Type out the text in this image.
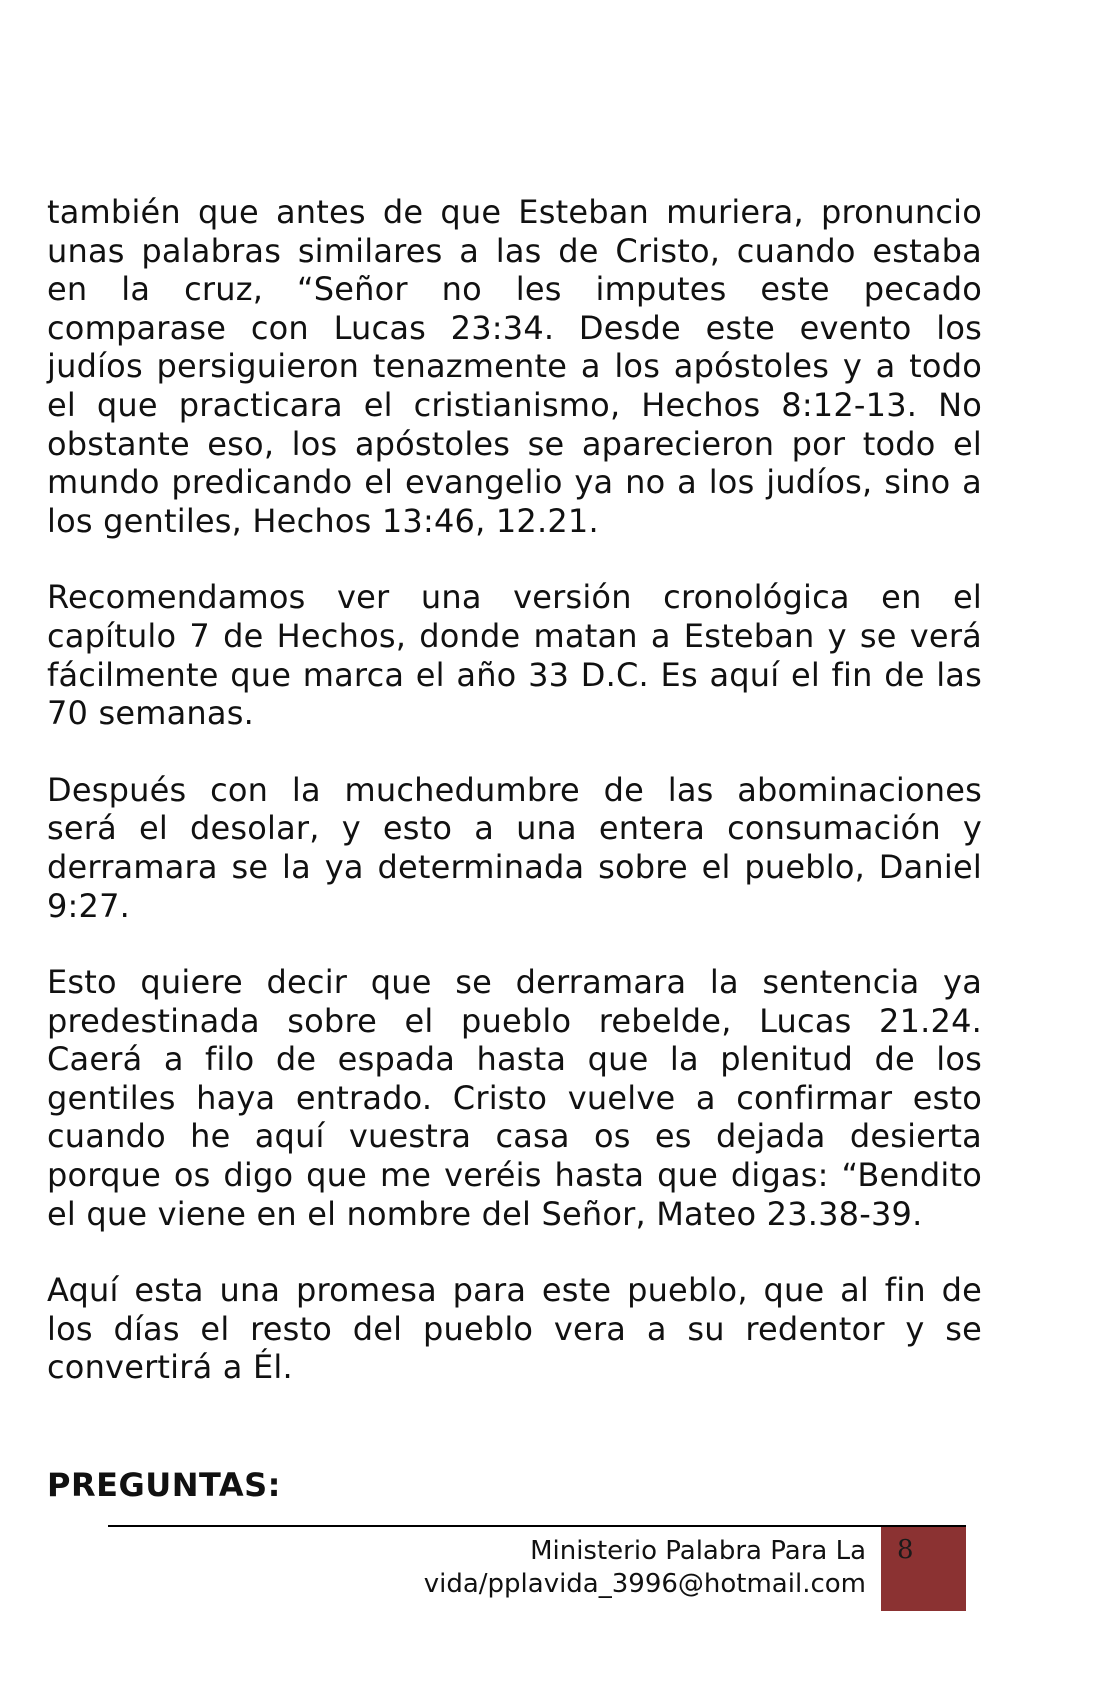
también que antes de que Esteban muriera, pronuncio unas palabras similares a las de Cristo, cuando estaba en la cruz, “Señor no les imputes este pecado comparase con Lucas 23:34. Desde este evento los judíos persiguieron tenazmente a los apóstoles y a todo el que practicara el cristianismo, Hechos 8:12-13. No obstante eso, los apóstoles se aparecieron por todo el mundo predicando el evangelio ya no a los judíos, sino a los gentiles, Hechos 13:46, 12.21.

Recomendamos ver una versión cronológica en el capítulo 7 de Hechos, donde matan a Esteban y se verá fácilmente que marca el año 33 D.C. Es aquí el fin de las 70 semanas.

Después con la muchedumbre de las abominaciones será el desolar, y esto a una entera consumación y derramara se la ya determinada sobre el pueblo, Daniel 9:27.

Esto quiere decir que se derramara la sentencia ya predestinada sobre el pueblo rebelde, Lucas 21.24. Caerá a filo de espada hasta que la plenitud de los gentiles haya entrado. Cristo vuelve a confirmar esto cuando he aquí vuestra casa os es dejada desierta porque os digo que me veréis hasta que digas: “Bendito el que viene en el nombre del Señor, Mateo 23.38-39.

Aquí esta una promesa para este pueblo, que al fin de los días el resto del pueblo vera a su redentor y se convertirá a Él.

PREGUNTAS:
Ministerio Palabra Para La
vida/pplavida_3996@hotmail.com
8
